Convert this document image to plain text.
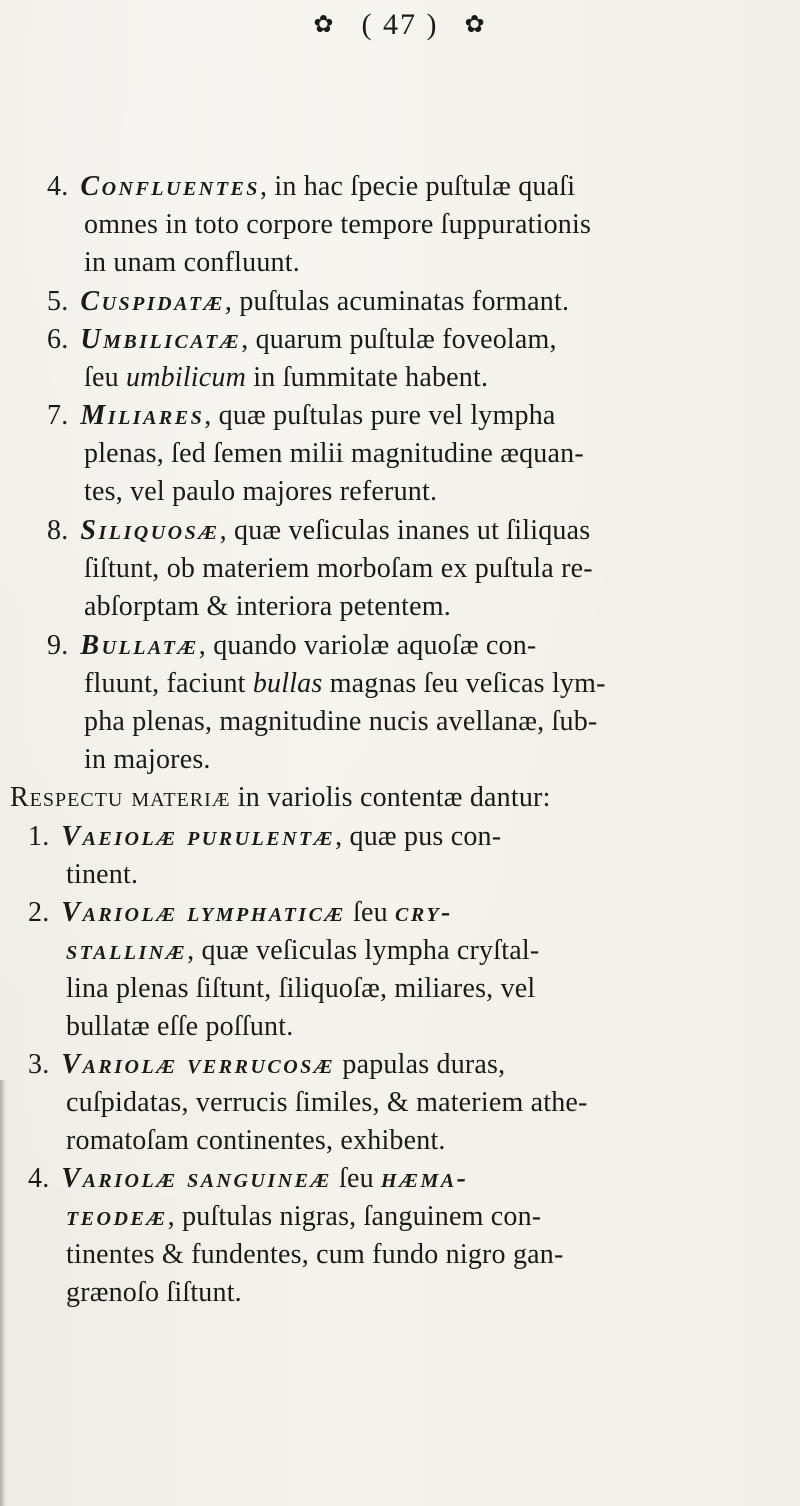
✿ ( 47 ) ✿
4. Confluentes, in hac ſpecie puſtulæ quaſi
omnes in toto corpore tempore ſuppurationis
in unam confluunt.
5. Cuspidatæ, puſtulas acuminatas formant.
6. Umbilicatæ, quarum puſtulæ foveolam,
ſeu umbilicum in ſummitate habent.
7. Miliares, quæ puſtulas pure vel lympha
plenas, ſed ſemen milii magnitudine æquan-
tes, vel paulo majores referunt.
8. Siliquosæ, quæ veſiculas inanes ut ſiliquas
ſiſtunt, ob materiem morboſam ex puſtula re-
abſorptam & interiora petentem.
9. Bullatæ, quando variolæ aquoſæ con-
fluunt, faciunt bullas magnas ſeu veſicas lym-
pha plenas, magnitudine nucis avellanæ, ſub-
in majores.
Respectu materiæ in variolis contentæ dantur:
1. Vaeiolæ purulentæ, quæ pus con-
tinent.
2. Variolæ lymphaticæ ſeu cry-
stallinæ, quæ veſiculas lympha cryſtal-
lina plenas ſiſtunt, ſiliquoſæ, miliares, vel
bullatæ eſſe poſſunt.
3. Variolæ verrucosæ papulas duras,
cuſpidatas, verrucis ſimiles, & materiem athe-
romatoſam continentes, exhibent.
4. Variolæ sanguineæ ſeu hæma-
teodeæ, puſtulas nigras, ſanguinem con-
tinentes & fundentes, cum fundo nigro gan-
grænoſo ſiſtunt.
